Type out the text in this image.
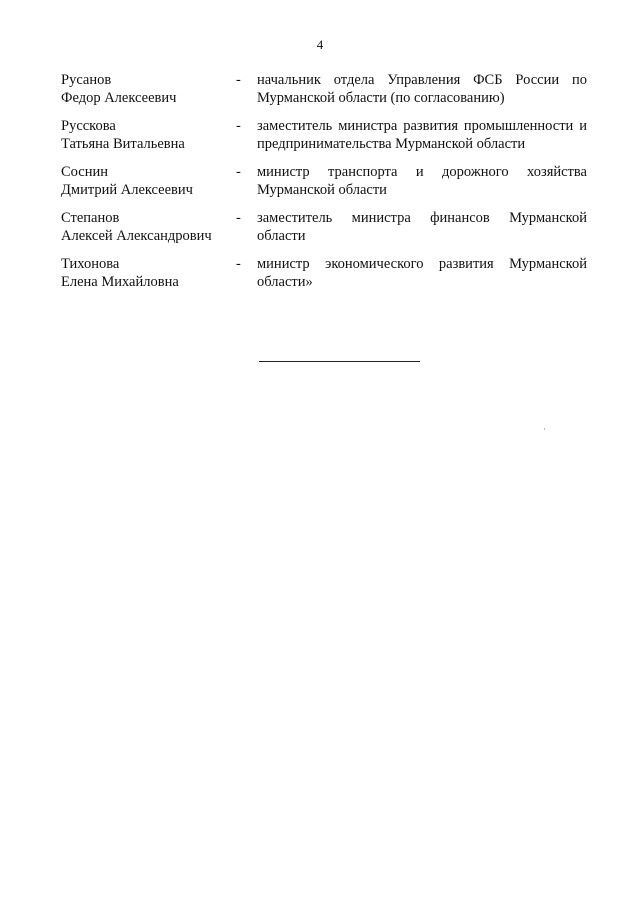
4
Русанов
Федор Алексеевич
-	начальник отдела Управления ФСБ России по
Мурманской области (по согласованию)
Русскова
Татьяна Витальевна
-	заместитель министра развития промышленности и
предпринимательства Мурманской области
Соснин
Дмитрий Алексеевич
-	министр транспорта и дорожного хозяйства
Мурманской области
Степанов
Алексей Александрович
-	заместитель министра финансов Мурманской
области
Тихонова
Елена Михайловна
-	министр экономического развития Мурманской
области»
